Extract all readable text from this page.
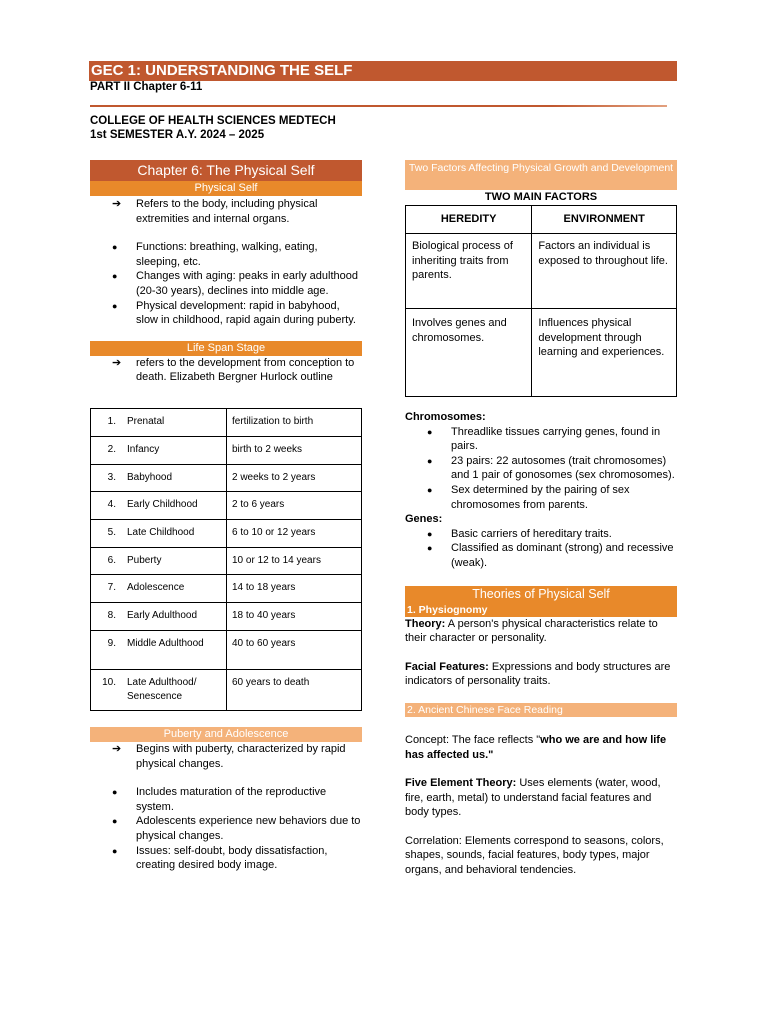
GEC 1: UNDERSTANDING THE SELF
PART II Chapter 6-11
COLLEGE OF HEALTH SCIENCES MEDTECH
1st SEMESTER A.Y. 2024 – 2025
Chapter 6: The Physical Self
Physical Self
➔ Refers to the body, including physical extremities and internal organs.
● Functions: breathing, walking, eating, sleeping, etc.
● Changes with aging: peaks in early adulthood (20-30 years), declines into middle age.
● Physical development: rapid in babyhood, slow in childhood, rapid again during puberty.
Life Span Stage
➔ refers to the development from conception to death. Elizabeth Bergner Hurlock outline
1. Prenatal	fertilization to birth
2. Infancy	birth to 2 weeks
3. Babyhood	2 weeks to 2 years
4. Early Childhood	2 to 6 years
5. Late Childhood	6 to 10 or 12 years
6. Puberty	10 or 12 to 14 years
7. Adolescence	14 to 18 years
8. Early Adulthood	18 to 40 years
9. Middle Adulthood	40 to 60 years
10. Late Adulthood/ Senescence	60 years to death
Puberty and Adolescence
➔ Begins with puberty, characterized by rapid physical changes.
● Includes maturation of the reproductive system.
● Adolescents experience new behaviors due to physical changes.
● Issues: self-doubt, body dissatisfaction, creating desired body image.
Two Factors Affecting Physical Growth and Development
TWO MAIN FACTORS
HEREDITY	ENVIRONMENT
Biological process of inheriting traits from parents.	Factors an individual is exposed to throughout life.
Involves genes and chromosomes.	Influences physical development through learning and experiences.
Chromosomes:
● Threadlike tissues carrying genes, found in pairs.
● 23 pairs: 22 autosomes (trait chromosomes) and 1 pair of gonosomes (sex chromosomes).
● Sex determined by the pairing of sex chromosomes from parents.
Genes:
● Basic carriers of hereditary traits.
● Classified as dominant (strong) and recessive (weak).
Theories of Physical Self
1. Physiognomy
Theory: A person's physical characteristics relate to their character or personality.
Facial Features: Expressions and body structures are indicators of personality traits.
2. Ancient Chinese Face Reading
Concept: The face reflects "who we are and how life has affected us."
Five Element Theory: Uses elements (water, wood, fire, earth, metal) to understand facial features and body types.
Correlation: Elements correspond to seasons, colors, shapes, sounds, facial features, body types, major organs, and behavioral tendencies.
